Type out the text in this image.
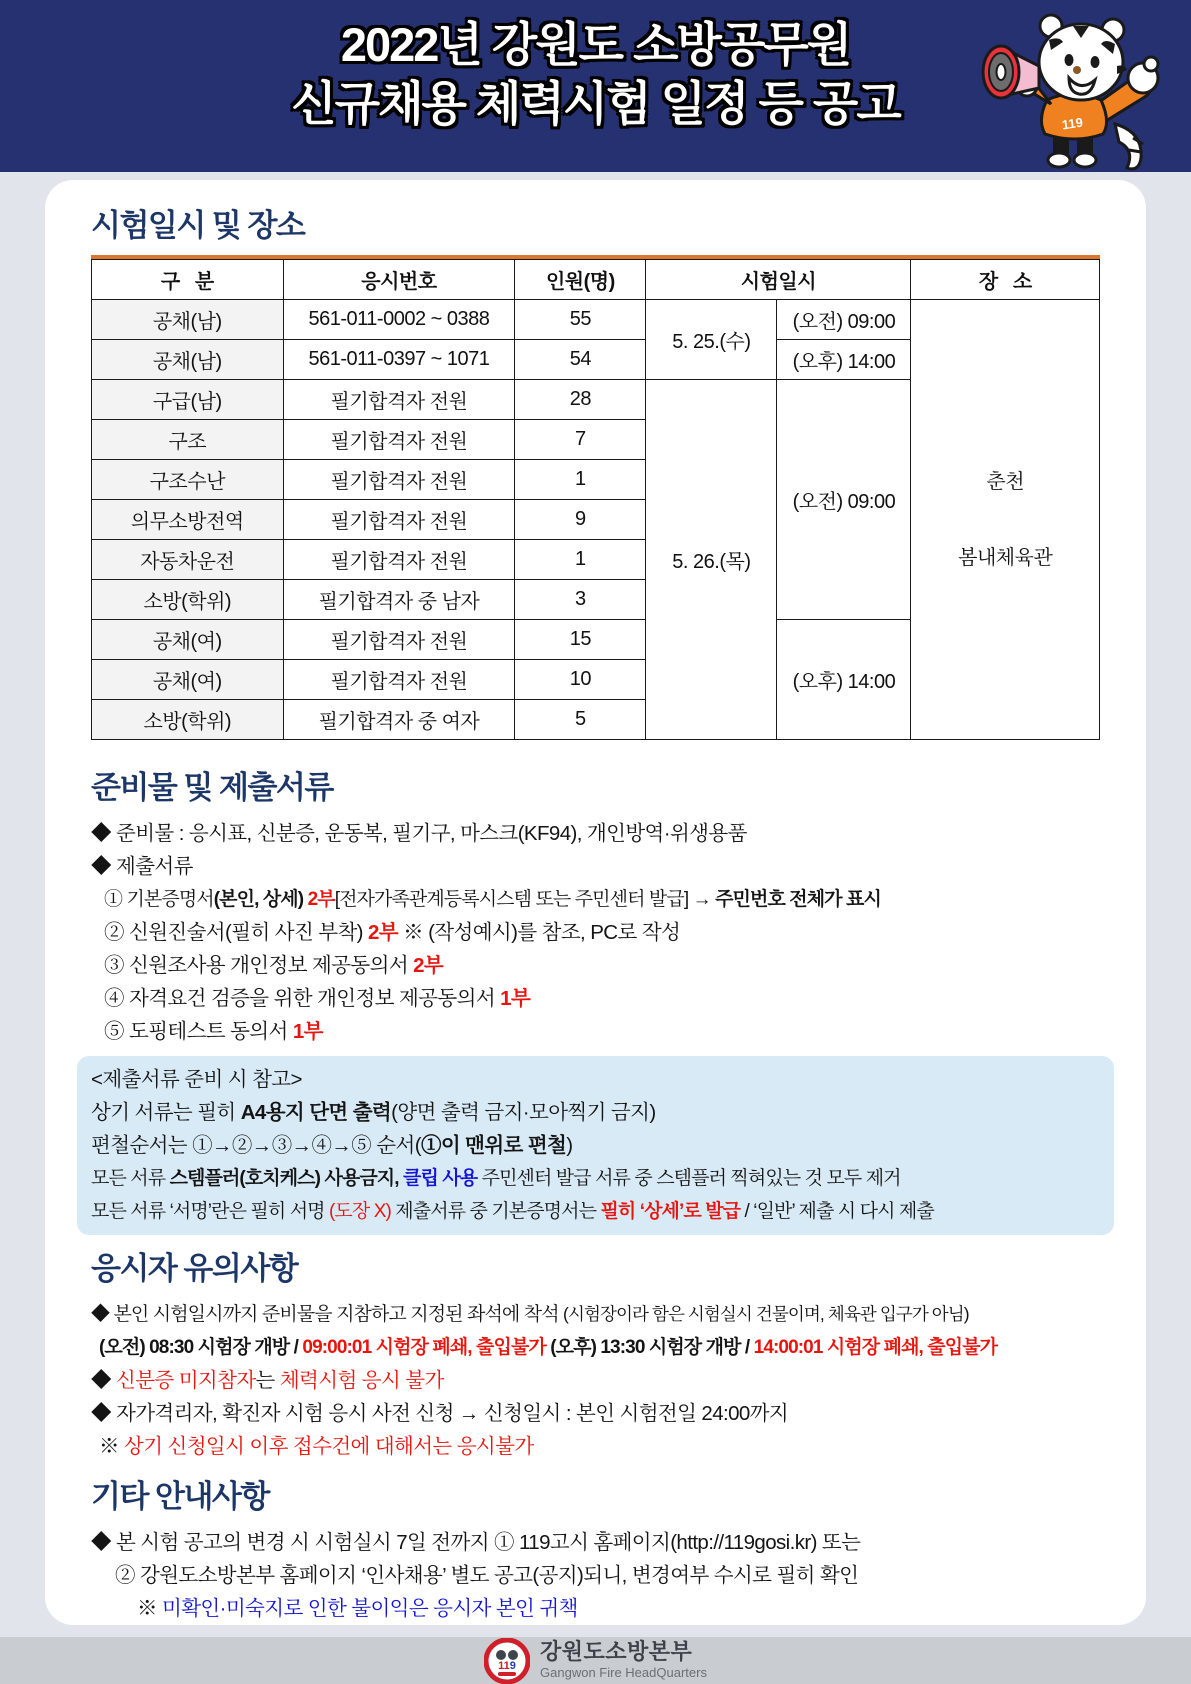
2022년 강원도 소방공무원
신규채용 체력시험 일정 등 공고	119
시험일시 및 장소
구   분	응시번호	인원(명)	시험일시		장   소
공채(남)	561-011-0002 ~ 0388	55	5. 25.(수)	(오전) 09:00	춘천

봄내체육관

공채(남)	561-011-0397 ~ 1071	54		(오후) 14:00	
구급(남)	필기합격자 전원	28	5. 26.(목)	(오전) 09:00	
구조	필기합격자 전원	7			
구조수난	필기합격자 전원	1			
의무소방전역	필기합격자 전원	9			
자동차운전	필기합격자 전원	1			
소방(학위)	필기합격자 중 남자	3			
공채(여)	필기합격자 전원	15		(오후) 14:00	
공채(여)	필기합격자 전원	10			
소방(학위)	필기합격자 중 여자	5			
준비물 및 제출서류

◆ 준비물 : 응시표, 신분증, 운동복, 필기구, 마스크(KF94), 개인방역·위생용품

◆ 제출서류

① 기본증명서(본인, 상세) 2부[전자가족관계등록시스템 또는 주민센터 발급] → 주민번호 전체가 표시

② 신원진술서(필히 사진 부착) 2부 ※ (작성예시)를 참조, PC로 작성

③ 신원조사용 개인정보 제공동의서 2부

④ 자격요건 검증을 위한 개인정보 제공동의서 1부

⑤ 도핑테스트 동의서 1부

<제출서류 준비 시 참고>

상기 서류는 필히 A4용지 단면 출력(양면 출력 금지·모아찍기 금지)

편철순서는 ①→②→③→④→⑤ 순서(①이 맨위로 편철)

모든 서류 스템플러(호치케스) 사용금지, 클립 사용 주민센터 발급 서류 중 스템플러 찍혀있는 것 모두 제거

모든 서류 ‘서명’란은 필히 서명 (도장 X) 제출서류 중 기본증명서는 필히 ‘상세’로 발급 / ‘일반’ 제출 시 다시 제출

응시자 유의사항

◆ 본인 시험일시까지 준비물을 지참하고 지정된 좌석에 착석 (시험장이라 함은 시험실시 건물이며, 체육관 입구가 아님)

(오전) 08:30 시험장 개방 / 09:00:01 시험장 폐쇄, 출입불가 (오후) 13:30 시험장 개방 / 14:00:01 시험장 폐쇄, 출입불가

◆ 신분증 미지참자는 체력시험 응시 불가

◆ 자가격리자, 확진자 시험 응시 사전 신청 → 신청일시 : 본인 시험전일 24:00까지

※ 상기 신청일시 이후 접수건에 대해서는 응시불가

기타 안내사항

◆ 본 시험 공고의 변경 시 시험실시 7일 전까지 ① 119고시 홈페이지(http://119gosi.kr) 또는

② 강원도소방본부 홈페이지 ‘인사채용’ 별도 공고(공지)되니, 변경여부 수시로 필히 확인

※ 미확인·미숙지로 인한 불이익은 응시자 본인 귀책

119
강원도소방본부
Gangwon Fire HeadQuarters
